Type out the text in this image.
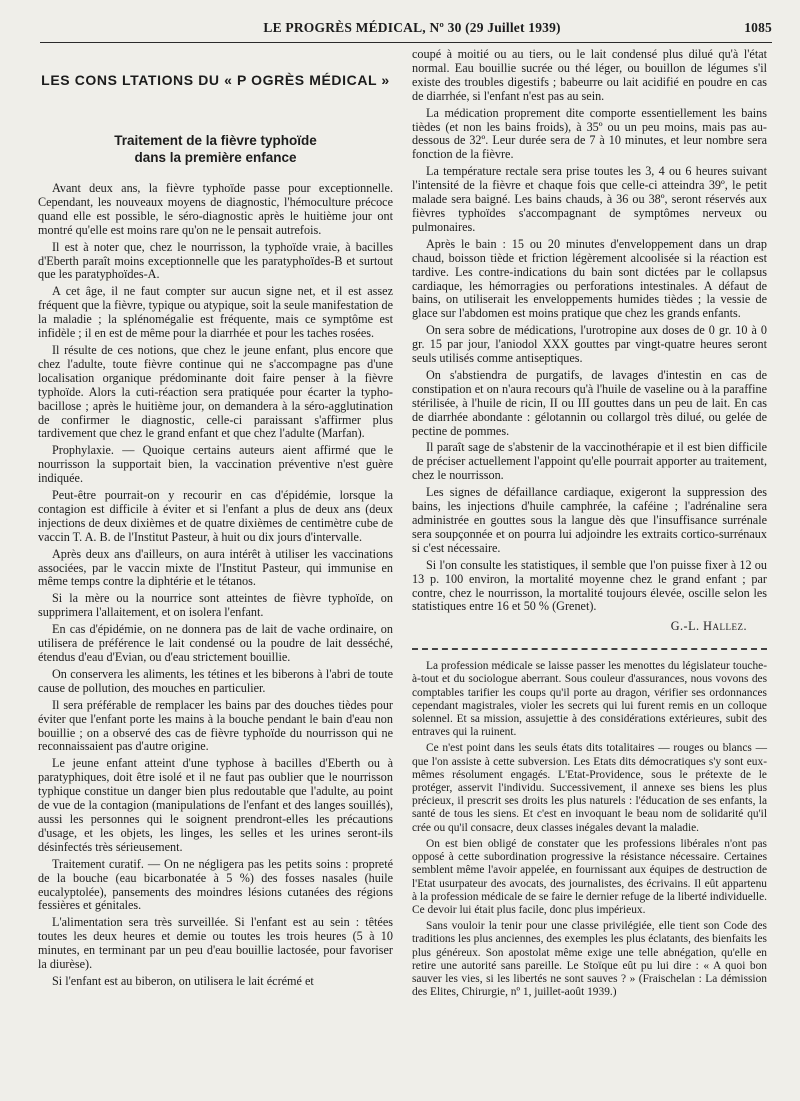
LE PROGRÈS MÉDICAL, Nº 30 (29 Juillet 1939)	1085
LES CONS LTATIONS DU « P OGRÈS MÉDICAL »
Traitement de la fièvre typhoïde
dans la première enfance

Avant deux ans, la fièvre typhoïde passe pour exceptionnelle. Cependant, les nouveaux moyens de diagnostic, l'hémoculture précoce quand elle est possible, le séro-diagnostic après le huitième jour ont montré qu'elle est moins rare qu'on ne le pensait autrefois.

Il est à noter que, chez le nourrisson, la typhoïde vraie, à bacilles d'Eberth paraît moins exceptionnelle que les paratyphoïdes-B et surtout que les paratyphoïdes-A.

A cet âge, il ne faut compter sur aucun signe net, et il est assez fréquent que la fièvre, typique ou atypique, soit la seule manifestation de la maladie ; la splénomégalie est fréquente, mais ce symptôme est infidèle ; il en est de même pour la diarrhée et pour les taches rosées.

Il résulte de ces notions, que chez le jeune enfant, plus encore que chez l'adulte, toute fièvre continue qui ne s'accompagne pas d'une localisation organique prédominante doit faire penser à la fièvre typhoïde. Alors la cuti-réaction sera pratiquée pour écarter la typho-bacillose ; après le huitième jour, on demandera à la séro-agglutination de confirmer le diagnostic, celle-ci paraissant s'affirmer plus tardivement que chez le grand enfant et que chez l'adulte (Marfan).

Prophylaxie. — Quoique certains auteurs aient affirmé que le nourrisson la supportait bien, la vaccination préventive n'est guère indiquée.

Peut-être pourrait-on y recourir en cas d'épidémie, lorsque la contagion est difficile à éviter et si l'enfant a plus de deux ans (deux injections de deux dixièmes et de quatre dixièmes de centimètre cube de vaccin T. A. B. de l'Institut Pasteur, à huit ou dix jours d'intervalle.

Après deux ans d'ailleurs, on aura intérêt à utiliser les vaccinations associées, par le vaccin mixte de l'Institut Pasteur, qui immunise en même temps contre la diphtérie et le tétanos.

Si la mère ou la nourrice sont atteintes de fièvre typhoïde, on supprimera l'allaitement, et on isolera l'enfant.

En cas d'épidémie, on ne donnera pas de lait de vache ordinaire, on utilisera de préférence le lait condensé ou la poudre de lait desséché, étendus d'eau d'Evian, ou d'eau strictement bouillie.

On conservera les aliments, les tétines et les biberons à l'abri de toute cause de pollution, des mouches en particulier.

Il sera préférable de remplacer les bains par des douches tièdes pour éviter que l'enfant porte les mains à la bouche pendant le bain d'eau non bouillie ; on a observé des cas de fièvre typhoïde du nourrisson qui ne reconnaissaient pas d'autre origine.

Le jeune enfant atteint d'une typhose à bacilles d'Eberth ou à paratyphiques, doit être isolé et il ne faut pas oublier que le nourrisson typhique constitue un danger bien plus redoutable que l'adulte, au point de vue de la contagion (manipulations de l'enfant et des langes souillés), aussi les personnes qui le soignent prendront-elles les précautions d'usage, et les objets, les linges, les selles et les urines seront-ils désinfectés très sérieusement.

Traitement curatif. — On ne négligera pas les petits soins : propreté de la bouche (eau bicarbonatée à 5 %) des fosses nasales (huile eucalyptolée), pansements des moindres lésions cutanées des régions fessières et génitales.

L'alimentation sera très surveillée. Si l'enfant est au sein : têtées toutes les deux heures et demie ou toutes les trois heures (5 à 10 minutes, en terminant par un peu d'eau bouillie lactosée, pour favoriser la diurèse).

Si l'enfant est au biberon, on utilisera le lait écrémé et

coupé à moitié ou au tiers, ou le lait condensé plus dilué qu'à l'état normal. Eau bouillie sucrée ou thé léger, ou bouillon de légumes s'il existe des troubles digestifs ; babeurre ou lait acidifié en poudre en cas de diarrhée, si l'enfant n'est pas au sein.

La médication proprement dite comporte essentiellement les bains tièdes (et non les bains froids), à 35º ou un peu moins, mais pas au-dessous de 32º. Leur durée sera de 7 à 10 minutes, et leur nombre sera fonction de la fièvre.

La température rectale sera prise toutes les 3, 4 ou 6 heures suivant l'intensité de la fièvre et chaque fois que celle-ci atteindra 39º, le petit malade sera baigné. Les bains chauds, à 36 ou 38º, seront réservés aux fièvres typhoïdes s'accompagnant de symptômes nerveux ou pulmonaires.

Après le bain : 15 ou 20 minutes d'enveloppement dans un drap chaud, boisson tiède et friction légèrement alcoolisée si la réaction est tardive. Les contre-indications du bain sont dictées par le collapsus cardiaque, les hémorragies ou perforations intestinales. A défaut de bains, on utiliserait les enveloppements humides tièdes ; la vessie de glace sur l'abdomen est moins pratique que chez les grands enfants.

On sera sobre de médications, l'urotropine aux doses de 0 gr. 10 à 0 gr. 15 par jour, l'aniodol XXX gouttes par vingt-quatre heures seront seuls utilisés comme antiseptiques.

On s'abstiendra de purgatifs, de lavages d'intestin en cas de constipation et on n'aura recours qu'à l'huile de vaseline ou à la paraffine stérilisée, à l'huile de ricin, II ou III gouttes dans un peu de lait. En cas de diarrhée abondante : gélotannin ou collargol très dilué, ou gelée de pectine de pommes.

Il paraît sage de s'abstenir de la vaccinothérapie et il est bien difficile de préciser actuellement l'appoint qu'elle pourrait apporter au traitement, chez le nourrisson.

Les signes de défaillance cardiaque, exigeront la suppression des bains, les injections d'huile camphrée, la caféine ; l'adrénaline sera administrée en gouttes sous la langue dès que l'insuffisance surrénale sera soupçonnée et on pourra lui adjoindre les extraits cortico-surrénaux si c'est nécessaire.

Si l'on consulte les statistiques, il semble que l'on puisse fixer à 12 ou 13 p. 100 environ, la mortalité moyenne chez le grand enfant ; par contre, chez le nourrisson, la mortalité toujours élevée, oscille selon les statistiques entre 16 et 50 % (Grenet).

G.-L. Hallez.

La profession médicale se laisse passer les menottes du législateur touche-à-tout et du sociologue aberrant. Sous couleur d'assurances, nous vovons des comptables tarifier les coups qu'il porte au dragon, vérifier ses ordonnances cependant magistrales, violer les secrets qui lui furent remis en un colloque solennel. Et sa mission, assujettie à des considérations extérieures, subit des entraves qui la ruinent.

Ce n'est point dans les seuls états dits totalitaires — rouges ou blancs — que l'on assiste à cette subversion. Les Etats dits démocratiques s'y sont eux-mêmes résolument engagés. L'Etat-Providence, sous le prétexte de le protéger, asservit l'individu. Successivement, il annexe ses biens les plus précieux, il prescrit ses droits les plus naturels : l'éducation de ses enfants, la santé de tous les siens. Et c'est en invoquant le beau nom de solidarité qu'il crée ou qu'il consacre, deux classes inégales devant la maladie.

On est bien obligé de constater que les professions libérales n'ont pas opposé à cette subordination progressive la résistance nécessaire. Certaines semblent même l'avoir appelée, en fournissant aux équipes de destruction de l'Etat usurpateur des avocats, des journalistes, des écrivains. Il eût appartenu à la profession médicale de se faire le dernier refuge de la liberté individuelle. Ce devoir lui était plus facile, donc plus impérieux.

Sans vouloir la tenir pour une classe privilégiée, elle tient son Code des traditions les plus anciennes, des exemples les plus éclatants, des bienfaits les plus généreux. Son apostolat même exige une telle abnégation, qu'elle en retire une autorité sans pareille. Le Stoïque eût pu lui dire : « A quoi bon sauver les vies, si les libertés ne sont sauves ? » (Fraischelan : La démission des Elites, Chirurgie, nº 1, juillet-août 1939.)
